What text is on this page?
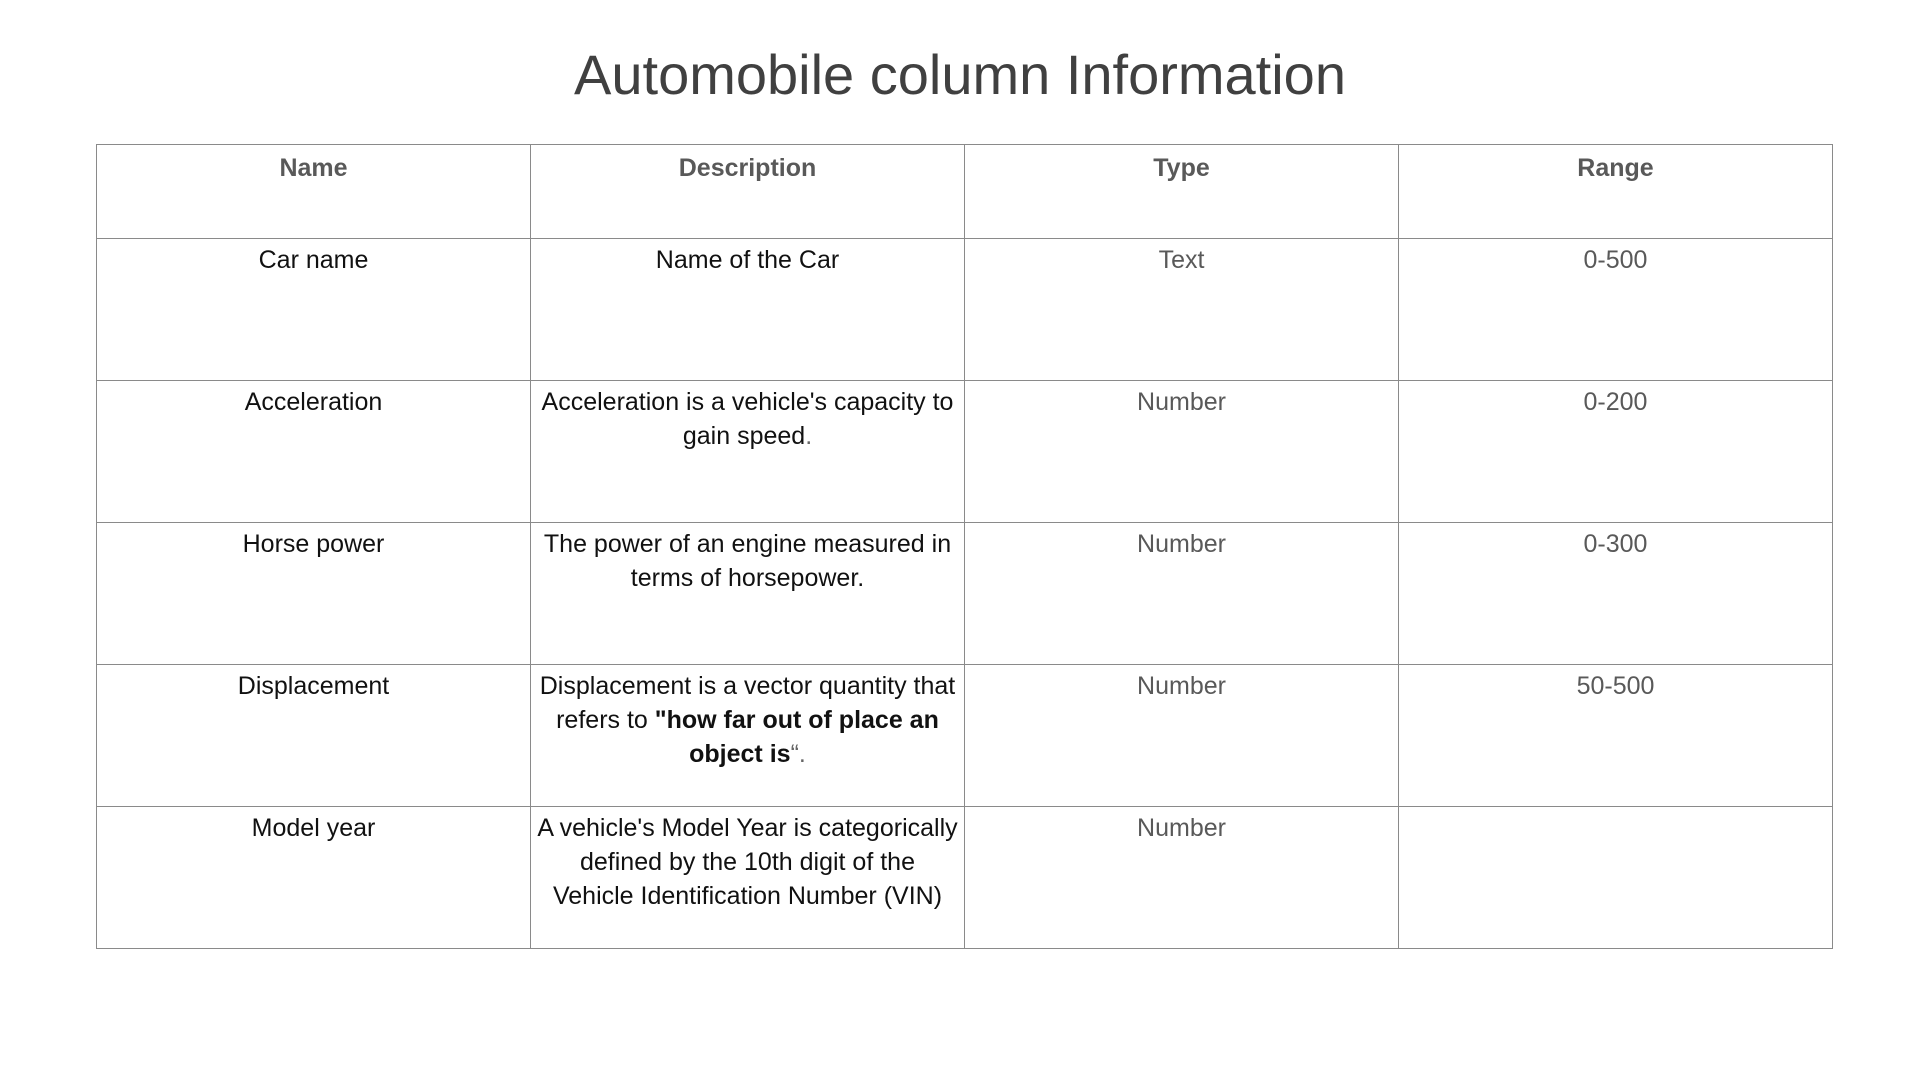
Automobile column Information
Name	Description	Type	Range
Car name	Name of the Car	Text	0-500
Acceleration	Acceleration is a vehicle's capacity to gain speed.	Number	0-200
Horse power	The power of an engine measured in terms of horsepower.	Number	0-300
Displacement	Displacement is a vector quantity that refers to "how far out of place an object is“.	Number	50-500
Model year	A vehicle's Model Year is categorically defined by the 10th digit of the Vehicle Identification Number (VIN)	Number	
